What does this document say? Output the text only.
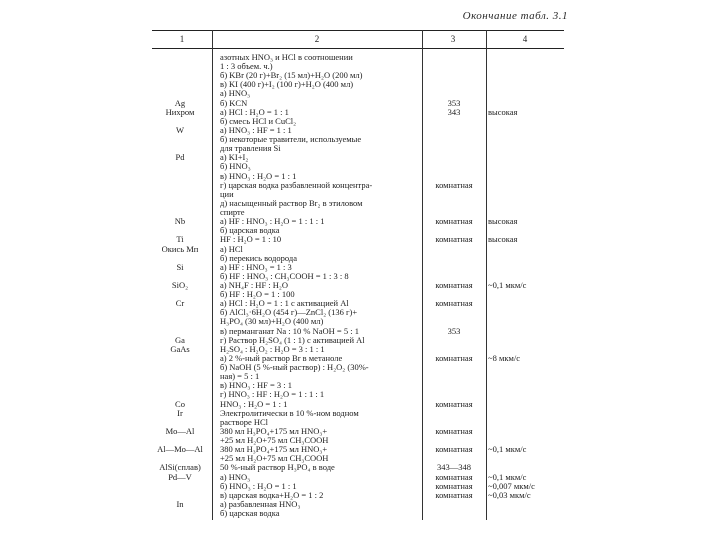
Окончание табл. 3.1
1	2	3	4
азотных HNO₃ и HCl в соотношении
1 : 3 объем. ч.)
б) KBr (20 г)+Br₂ (15 мл)+H₂O (200 мл)
в) KI (400 г)+I₂ (100 г)+H₂O (400 мл)
а) HNO₃
Ag	б) KCN	353
Нихром	а) HCl : H₂O = 1 : 1	343	высокая
б) смесь HCl и CuCl₂
W	а) HNO₃ : HF = 1 : 1
б) некоторые травители, используемые
для травления Si
Pd	а) KI+I₂
б) HNO₃
в) HNO₃ : H₂O = 1 : 1
г) царская водка разбавленной концентра-	комнатная
ции
д) насыщенный раствор Br₂ в этиловом
спирте
Nb	а) HF : HNO₃ : H₂O = 1 : 1 : 1	комнатная	высокая
б) царская водка
Ti	HF : H₂O = 1 : 10	комнатная	высокая
Окись Мп	а) HCl
б) перекись водорода
Si	а) HF : HNO₃ = 1 : 3
б) HF : HNO₃ : CH₃COOH = 1 : 3 : 8
SiO₂	а) NH₄F : HF : H₂O	комнатная	~0,1 мкм/с
б) HF : H₂O = 1 : 100
Cr	а) HCl : H₂O = 1 : 1 с активацией Al	комнатная
б) AlCl₃·6H₂O (454 г)—ZnCl₂ (136 г)+
H₃PO₄ (30 мл)+H₂O (400 мл)
в) перманганат Na : 10 % NaOH = 5 : 1	353
Ga	г) Раствор H₂SO₄ (1 : 1) с активацией Al
GaAs	H₂SO₄ : H₂O₂ : H₂O = 3 : 1 : 1
а) 2 %-ный раствор Br в метаноле	комнатная	~8 мкм/с
б) NaOH (5 %-ный раствор) : H₂O₂ (30%-
ная) = 5 : 1
в) HNO₃ : HF = 3 : 1
г) HNO₃ : HF : H₂O = 1 : 1 : 1
Co	HNO₃ : H₂O = 1 : 1	комнатная
Ir	Электролитически в 10 %-ном водном
растворе HCl
Mo—Al	380 мл H₃PO₄+175 мл HNO₃+	комнатная
+25 мл H₂O+75 мл CH₃COOH
Al—Mo—Al	380 мл H₃PO₄+175 мл HNO₃+	комнатная	~0,1 мкм/с
+25 мл H₂O+75 мл CH₃COOH
AlSi(сплав)	50 %-ный раствор H₃PO₄ в воде	343—348
Pd—V	а) HNO₃	комнатная	~0,1 мкм/с
б) HNO₃ : H₂O = 1 : 1	комнатная	~0,007 мкм/с
в) царская водка+H₂O = 1 : 2	комнатная	~0,03 мкм/с
In	а) разбавленная HNO₃
б) царская водка
